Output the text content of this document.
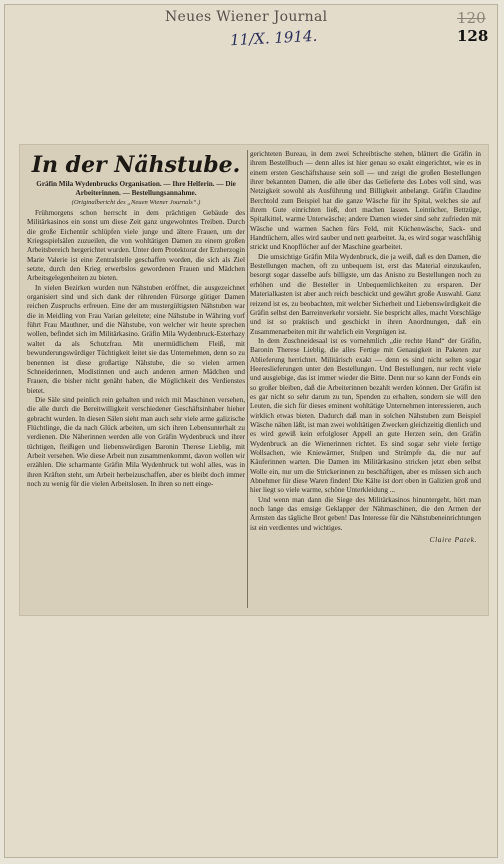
Neues Wiener Journal
11/X. 1914.
120
128
In der Nähstube.

Gräfin Mila Wydenbrucks Organisation. — Ihre Helferin. — Die Arbeiterinnen. — Bestellungsannahme.

(Originalbericht des „Neuen Wiener Journals“.)

Frühmorgens schon herrscht in dem prächtigen Gebäude des Militärkasinos ein sonst um diese Zeit ganz ungewohntes Treiben. Durch die große Eichentür schlüpfen viele junge und ältere Frauen, um der Kriegsspielsälen zuzueilen, die von wohltätigen Damen zu einem großen Arbeitsbereich hergerichtet wurden. Unter dem Protektorat der Erzherzogin Marie Valerie ist eine Zentralstelle geschaffen worden, die sich als Ziel setzte, durch den Krieg erwerbslos gewordenen Frauen und Mädchen Arbeitsgelegenheiten zu bieten.

In vielen Bezirken wurden nun Nähstuben eröffnet, die ausgezeichnet organisiert sind und sich dank der rührenden Fürsorge gütiger Damen reichen Zuspruchs erfreuen. Eine der am mustergültigsten Nähstuben war die in Meidling von Frau Varian geleitete; eine Nähstube in Währing vorf führt Frau Mauthner, und die Nähstube, von welcher wir heute sprechen wollen, befindet sich im Militärkasino. Gräfin Mila Wydenbruck-Esterhazy waltet da als Schutzfrau. Mit unermüdlichem Fleiß, mit bewunderungswürdiger Tüchtigkeit leitet sie das Unternehmen, denn so zu benennen ist diese großartige Nähstube, die so vielen armen Schneiderinnen, Modistinnen und auch anderen armen Mädchen und Frauen, die bisher nicht genäht haben, die Möglichkeit des Verdienstes bietet.

Die Säle sind peinlich rein gehalten und reich mit Maschinen versehen, die alle durch die Bereitwilligkeit verschiedener Geschäftsinhaber hieher gebracht wurden. In diesen Sälen sieht man auch sehr viele arme galizische Flüchtlinge, die da nach Glück arbeiten, um sich ihren Lebensunterhalt zu verdienen. Die Näherinnen werden alle von Gräfin Wydenbruck und ihrer tüchtigen, fleißigen und liebenswürdigen Baronin Therese Lieblig, mit Arbeit versehen. Wie diese Arbeit nun zusammenkommt, davon wollen wir erzählen. Die scharmante Gräfin Mila Wydenbruck tut wohl alles, was in ihren Kräften steht, um Arbeit herbeizuschaffen, aber es bleibt doch immer noch zu wenig für die vielen Arbeitslosen. In ihren so nett einge-

gerichteten Bureau, in dem zwei Schreibtische stehen, blättert die Gräfin in ihrem Bestellbuch — denn alles ist hier genau so exakt eingerichtet, wie es in einem ersten Geschäftshause sein soll — und zeigt die großen Bestellungen ihrer bekannten Damen, die alle über das Geliefertе des Lobes voll sind, was Netzigkeit sowohl als Ausführung und Billigkeit anbelangt. Gräfin Claudine Berchtold zum Beispiel hat die ganze Wäsche für ihr Spital, welches sie auf ihrem Gute einrichten ließ, dort machen lassen. Leintücher, Bettzüge, Spitalkittel, warme Unterwäsche; andere Damen wieder sind sehr zufrieden mit Wäsche und warmen Sachen fürs Feld, mit Küchenwäsche, Sack- und Handtüchern, alles wird sauber und nett gearbeitet. Ja, es wird sogar waschfähig strickt und Knopflöcher auf der Maschine gearbeitet.

Die umsichtige Gräfin Mila Wydenbruck, die ja weiß, daß es den Damen, die Bestellungen machen, oft zu unbequem ist, erst das Material einzukaufen, besorgt sogar dasselbe aufs billigste, um das Anisno zu Bestellungen noch zu erhöhen und die Besteller in Unbequemlichkeiten zu ersparen. Der Materialkasten ist aber auch reich beschickt und gewährt große Auswahl. Ganz reizend ist es, zu beobachten, mit welcher Sicherheit und Liebenswürdigkeit die Gräfin selbst den Barreinverkehr vorsieht. Sie bespricht alles, macht Vorschläge und ist so praktisch und geschickt in ihren Anordnungen, daß ein Zusammenarbeiten mit ihr wahrlich ein Vergnügen ist.

In dem Zuschneidesaal ist es vornehmlich „die rechte Hand“ der Gräfin, Baronin Therese Lieblig, die alles Fertige mit Genauigkeit in Paketen zur Ablieferung herrichtet. Militärisch exakt — denn es sind nicht selten sogar Heereslieferungen unter den Bestellungen. Und Bestellungen, nur recht viele und ausgiebige, das ist immer wieder die Bitte. Denn nur so kann der Fonds ein so großer bleiben, daß die Arbeiterinnen bezahlt werden können. Der Gräfin ist es gar nicht so sehr darum zu tun, Spenden zu erhalten, sondern sie will den Leuten, die sich für dieses eminent wohltätige Unternehmen interessieren, auch wirklich etwas bieten. Dadurch daß man in solchen Nähstuben zum Beispiel Wäsche nähen läßt, ist man zwei wohltätigen Zwecken gleichzeitig dienlich und es wird gewiß kein erfolgloser Appell an gute Herzen sein, den Gräfin Wydenbruck an die Wienerinnen richtet. Es sind sogar sehr viele fertige Wollsachen, wie Kniewärmer, Stulpen und Strümpfe da, die nur auf Käuferinnen warten. Die Damen im Militärkasino stricken jetzt eben selbst Wolle ein, nur um die Strickerinnen zu beschäftigen, aber es müssen sich auch Abnehmer für diese Waren finden! Die Kälte ist dort oben in Galizien groß und hier liegt so viele warme, schöne Unterkleidung ...

Und wenn man dann die Siege des Militärkasinos hinuntergeht, hört man noch lange das emsige Geklapper der Nähmaschinen, die den Armen der Ärmsten das tägliche Brot geben! Das Interesse für die Nähstubeneinrichtungen ist ein verdientes und wichtiges.

Claire Patek.
